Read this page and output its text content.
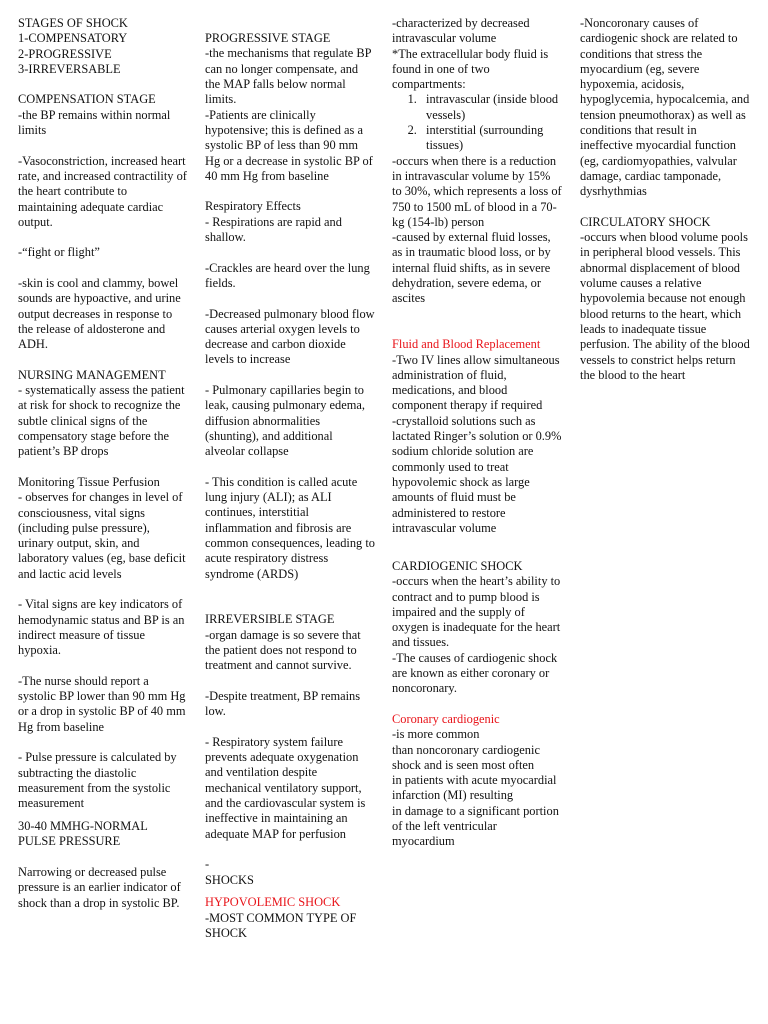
STAGES OF SHOCK

1-COMPENSATORY

2-PROGRESSIVE

3-IRREVERSABLE

COMPENSATION STAGE

-the BP remains within normal limits

-Vasoconstriction, increased heart rate, and increased contractility of the heart contribute to maintaining adequate cardiac output.

-“fight or flight”

-skin is cool and clammy, bowel sounds are hypoactive, and urine output decreases in response to the release of aldosterone and ADH.

NURSING MANAGEMENT

- systematically assess the patient at risk for shock to recognize the subtle clinical signs of the compensatory stage before the patient’s BP drops

Monitoring Tissue Perfusion

- observes for changes in level of consciousness, vital signs (including pulse pressure), urinary output, skin, and laboratory values (eg, base deficit and lactic acid levels

- Vital signs are key indicators of hemodynamic status and BP is an indirect measure of tissue hypoxia.

-The nurse should report a systolic BP lower than 90 mm Hg or a drop in systolic BP of 40 mm Hg from baseline

- Pulse pressure is calculated by subtracting the diastolic measurement from the systolic measurement

30-40 MMHG-NORMAL PULSE PRESSURE

Narrowing or decreased pulse pressure is an earlier indicator of shock than a drop in systolic BP.

PROGRESSIVE STAGE

-the mechanisms that regulate BP can no longer compensate, and the MAP falls below normal limits.

-Patients are clinically hypotensive; this is defined as a systolic BP of less than 90 mm Hg or a decrease in systolic BP of 40 mm Hg from baseline

Respiratory Effects

- Respirations are rapid and shallow.

-Crackles are heard over the lung fields.

-Decreased pulmonary blood flow causes arterial oxygen levels to decrease and carbon dioxide levels to increase

- Pulmonary capillaries begin to leak, causing pulmonary edema, diffusion abnormalities (shunting), and additional alveolar collapse

- This condition is called acute lung injury (ALI); as ALI continues, interstitial inflammation and fibrosis are common consequences, leading to acute respiratory distress syndrome (ARDS)

IRREVERSIBLE STAGE

-organ damage is so severe that the patient does not respond to treatment and cannot survive.

-Despite treatment, BP remains low.

- Respiratory system failure prevents adequate oxygenation and ventilation despite mechanical ventilatory support, and the cardiovascular system is ineffective in maintaining an adequate MAP for perfusion

-

SHOCKS

HYPOVOLEMIC SHOCK

-MOST COMMON TYPE OF SHOCK

-characterized by decreased intravascular volume

*The extracellular body fluid is found in one of two compartments:

1. intravascular (inside blood vessels)
2. interstitial (surrounding tissues)

-occurs when there is a reduction in intravascular volume by 15% to 30%, which represents a loss of 750 to 1500 mL of blood in a 70-kg (154-lb) person

-caused by external fluid losses, as in traumatic blood loss, or by internal fluid shifts, as in severe dehydration, severe edema, or ascites

Fluid and Blood Replacement

-Two IV lines allow simultaneous administration of fluid, medications, and blood component therapy if required

-crystalloid solutions such as lactated Ringer’s solution or 0.9% sodium chloride solution are commonly used to treat hypovolemic shock as large amounts of fluid must be administered to restore intravascular volume

CARDIOGENIC SHOCK

-occurs when the heart’s ability to contract and to pump blood is impaired and the supply of oxygen is inadequate for the heart and tissues.

-The causes of cardiogenic shock are known as either coronary or noncoronary.

Coronary cardiogenic

-is more common

than noncoronary cardiogenic shock and is seen most often

in patients with acute myocardial infarction (MI) resulting

in damage to a significant portion of the left ventricular myocardium

-Noncoronary causes of cardiogenic shock are related to conditions that stress the myocardium (eg, severe hypoxemia, acidosis, hypoglycemia, hypocalcemia, and tension pneumothorax) as well as conditions that result in ineffective myocardial function (eg, cardiomyopathies, valvular damage, cardiac tamponade, dysrhythmias

CIRCULATORY SHOCK

-occurs when blood volume pools in peripheral blood vessels. This abnormal displacement of blood volume causes a relative hypovolemia because not enough blood returns to the heart, which leads to inadequate tissue perfusion. The ability of the blood vessels to constrict helps return the blood to the heart
